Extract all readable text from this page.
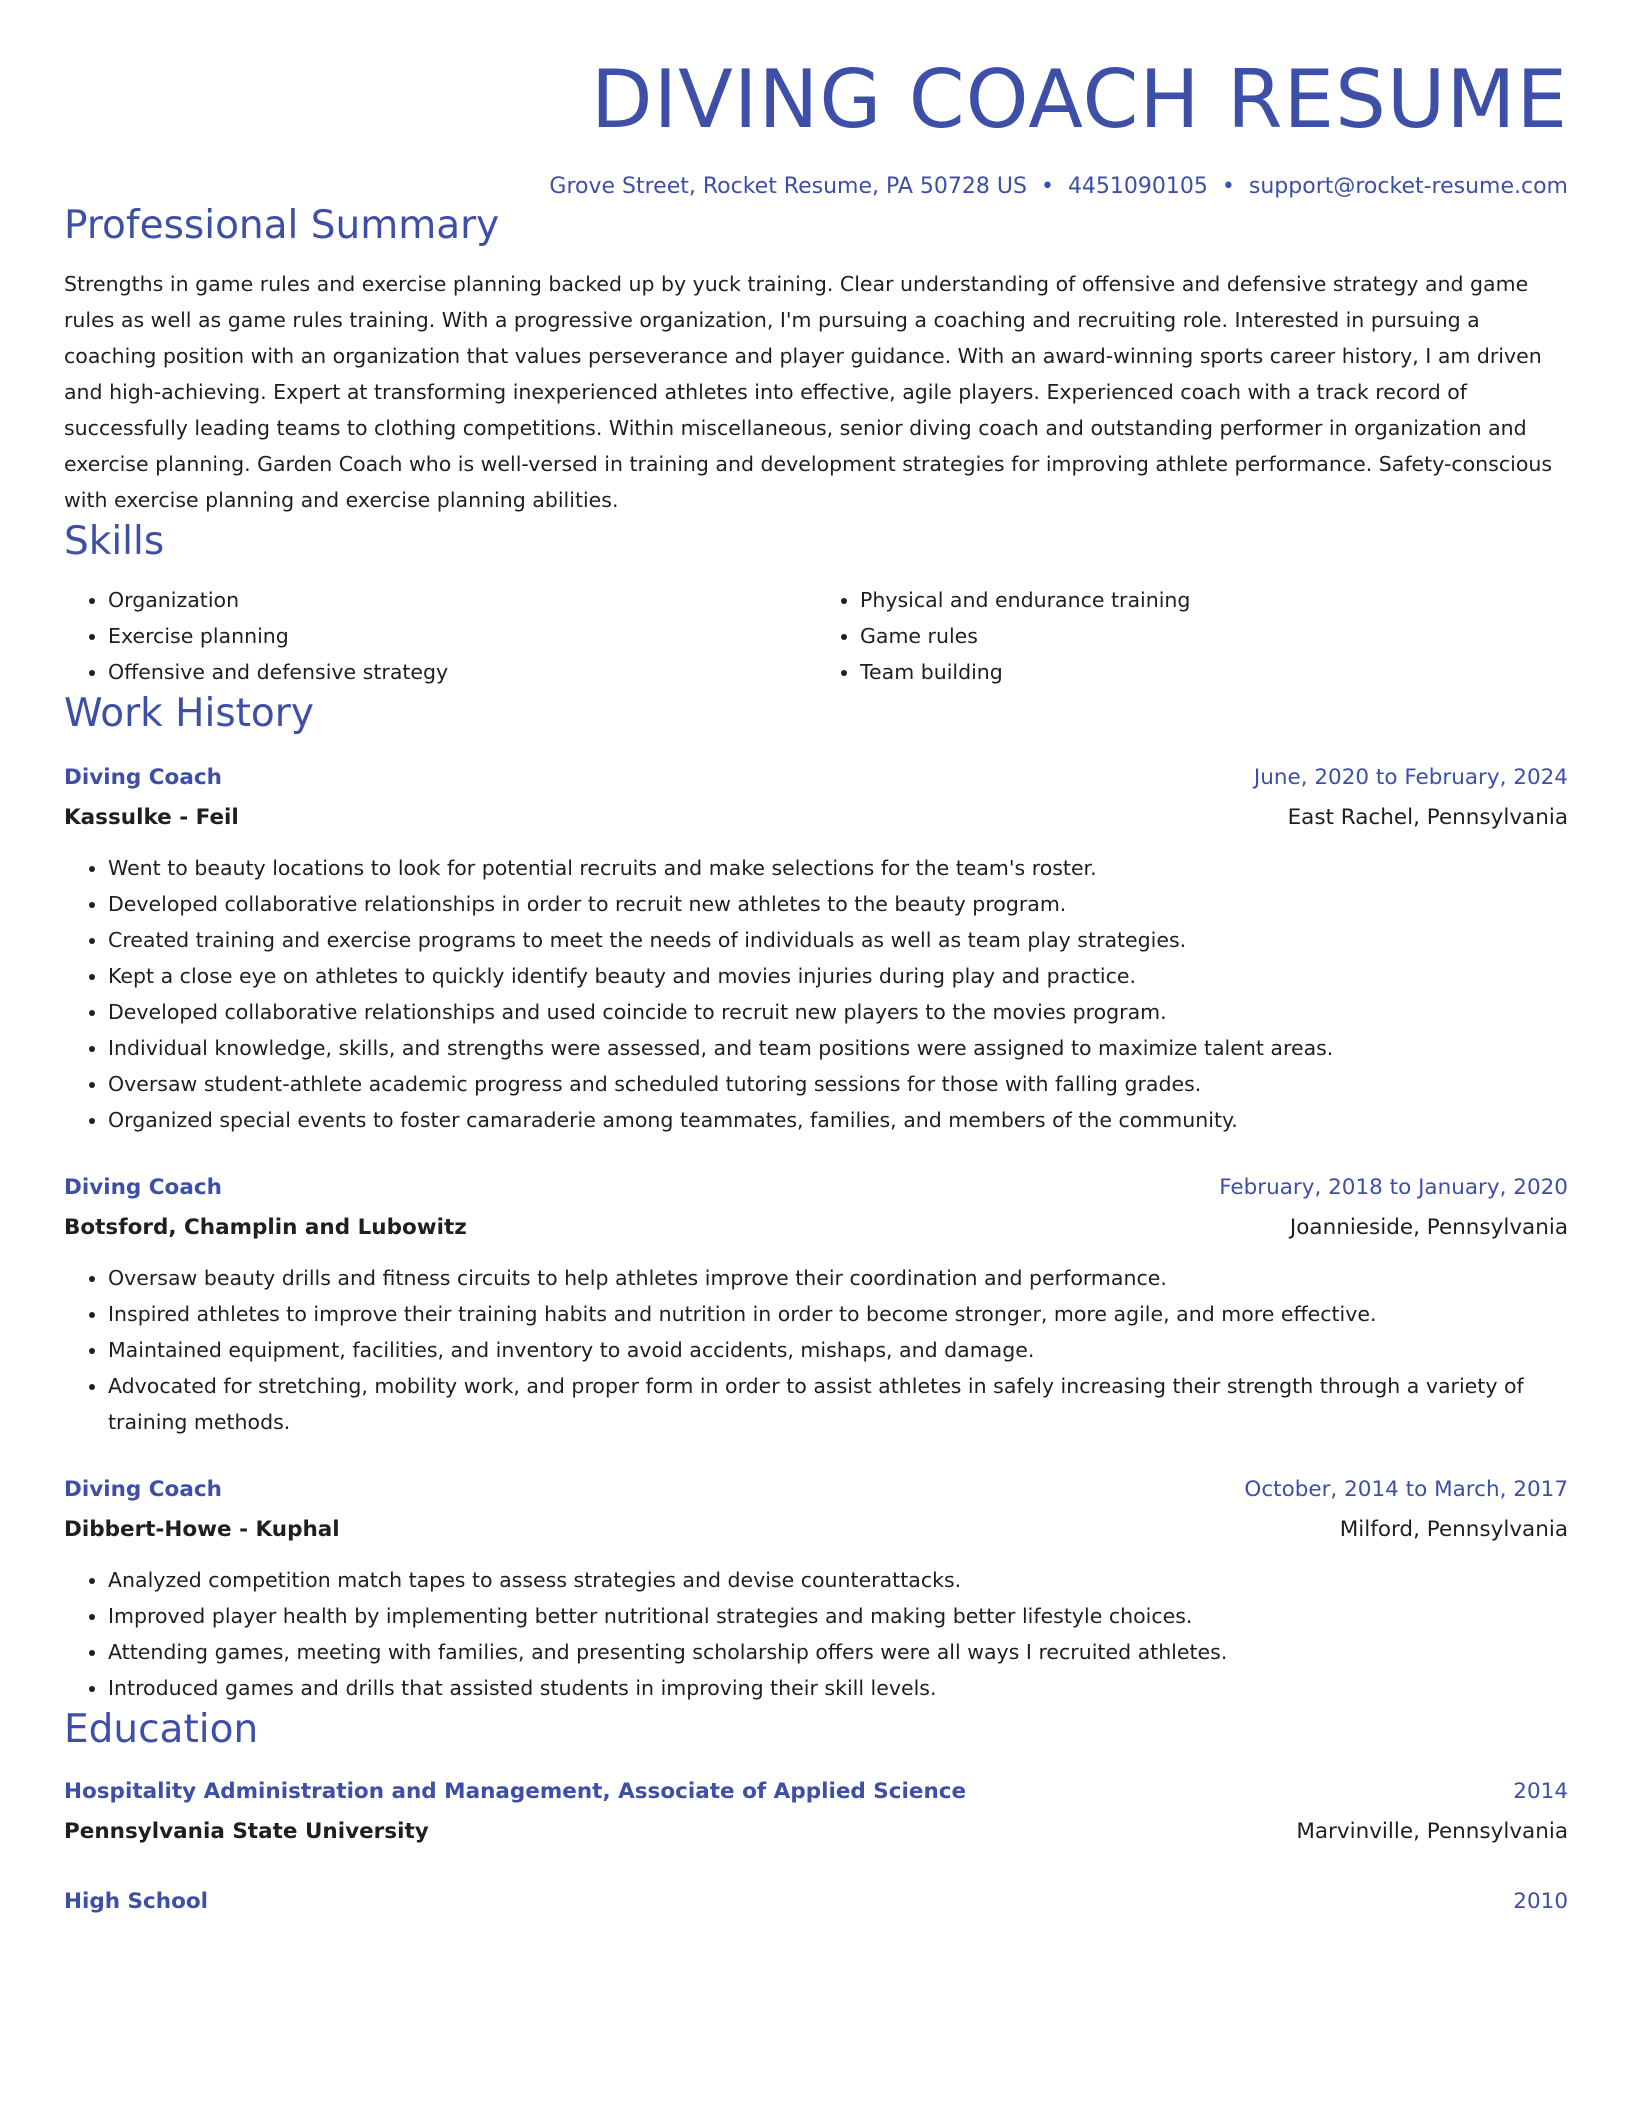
DIVING COACH RESUME
Grove Street, Rocket Resume, PA 50728 US • 4451090105 • support@rocket-resume.com
Professional Summary

Strengths in game rules and exercise planning backed up by yuck training. Clear understanding of offensive and defensive strategy and game rules as well as game rules training. With a progressive organization, I'm pursuing a coaching and recruiting role. Interested in pursuing a coaching position with an organization that values perseverance and player guidance. With an award-winning sports career history, I am driven and high-achieving. Expert at transforming inexperienced athletes into effective, agile players. Experienced coach with a track record of successfully leading teams to clothing competitions. Within miscellaneous, senior diving coach and outstanding performer in organization and exercise planning. Garden Coach who is well-versed in training and development strategies for improving athlete performance. Safety-conscious with exercise planning and exercise planning abilities.

Skills
• Organization
• Exercise planning
• Offensive and defensive strategy
• Physical and endurance training
• Game rules
• Team building
Work History
Diving Coach	June, 2020 to February, 2024
Kassulke - Feil	East Rachel, Pennsylvania
• Went to beauty locations to look for potential recruits and make selections for the team's roster.
• Developed collaborative relationships in order to recruit new athletes to the beauty program.
• Created training and exercise programs to meet the needs of individuals as well as team play strategies.
• Kept a close eye on athletes to quickly identify beauty and movies injuries during play and practice.
• Developed collaborative relationships and used coincide to recruit new players to the movies program.
• Individual knowledge, skills, and strengths were assessed, and team positions were assigned to maximize talent areas.
• Oversaw student-athlete academic progress and scheduled tutoring sessions for those with falling grades.
• Organized special events to foster camaraderie among teammates, families, and members of the community.
Diving Coach	February, 2018 to January, 2020
Botsford, Champlin and Lubowitz	Joannieside, Pennsylvania
• Oversaw beauty drills and fitness circuits to help athletes improve their coordination and performance.
• Inspired athletes to improve their training habits and nutrition in order to become stronger, more agile, and more effective.
• Maintained equipment, facilities, and inventory to avoid accidents, mishaps, and damage.
• Advocated for stretching, mobility work, and proper form in order to assist athletes in safely increasing their strength through a variety of training methods.
Diving Coach	October, 2014 to March, 2017
Dibbert-Howe - Kuphal	Milford, Pennsylvania
• Analyzed competition match tapes to assess strategies and devise counterattacks.
• Improved player health by implementing better nutritional strategies and making better lifestyle choices.
• Attending games, meeting with families, and presenting scholarship offers were all ways I recruited athletes.
• Introduced games and drills that assisted students in improving their skill levels.
Education
Hospitality Administration and Management, Associate of Applied Science	2014
Pennsylvania State University	Marvinville, Pennsylvania
High School	2010
